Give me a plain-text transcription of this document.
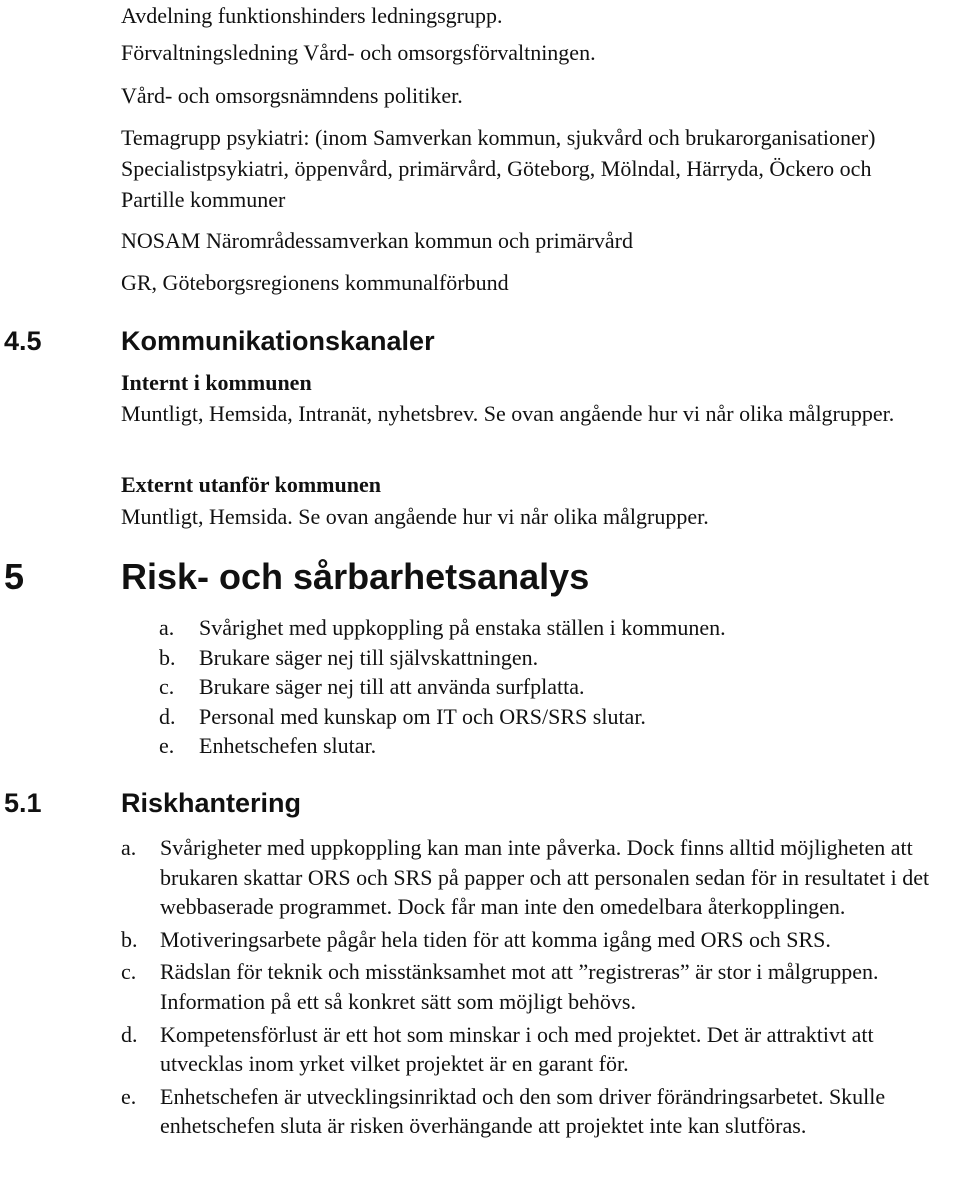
Avdelning funktionshinders ledningsgrupp.

Förvaltningsledning Vård- och omsorgsförvaltningen.

Vård- och omsorgsnämndens politiker.

Temagrupp psykiatri: (inom Samverkan kommun, sjukvård och brukarorganisationer) Specialistpsykiatri, öppenvård, primärvård, Göteborg, Mölndal, Härryda, Öckero och Partille kommuner

NOSAM Närområdessamverkan kommun och primärvård

GR, Göteborgsregionens kommunalförbund

4.5	Kommunikationskanaler

Internt i kommunen

Muntligt, Hemsida, Intranät, nyhetsbrev. Se ovan angående hur vi når olika målgrupper.

Externt utanför kommunen

Muntligt, Hemsida. Se ovan angående hur vi når olika målgrupper.

5	Risk- och sårbarhetsanalys
a. Svårighet med uppkoppling på enstaka ställen i kommunen.
b. Brukare säger nej till självskattningen.
c. Brukare säger nej till att använda surfplatta.
d. Personal med kunskap om IT och ORS/SRS slutar.
e. Enhetschefen slutar.
5.1	Riskhantering
a. Svårigheter med uppkoppling kan man inte påverka. Dock finns alltid möjligheten att brukaren skattar ORS och SRS på papper och att personalen sedan för in resultatet i det webbaserade programmet. Dock får man inte den omedelbara återkopplingen.
b. Motiveringsarbete pågår hela tiden för att komma igång med ORS och SRS.
c. Rädslan för teknik och misstänksamhet mot att ”registreras” är stor i målgruppen. Information på ett så konkret sätt som möjligt behövs.
d. Kompetensförlust är ett hot som minskar i och med projektet. Det är attraktivt att utvecklas inom yrket vilket projektet är en garant för.
e. Enhetschefen är utvecklingsinriktad och den som driver förändringsarbetet. Skulle enhetschefen sluta är risken överhängande att projektet inte kan slutföras.
